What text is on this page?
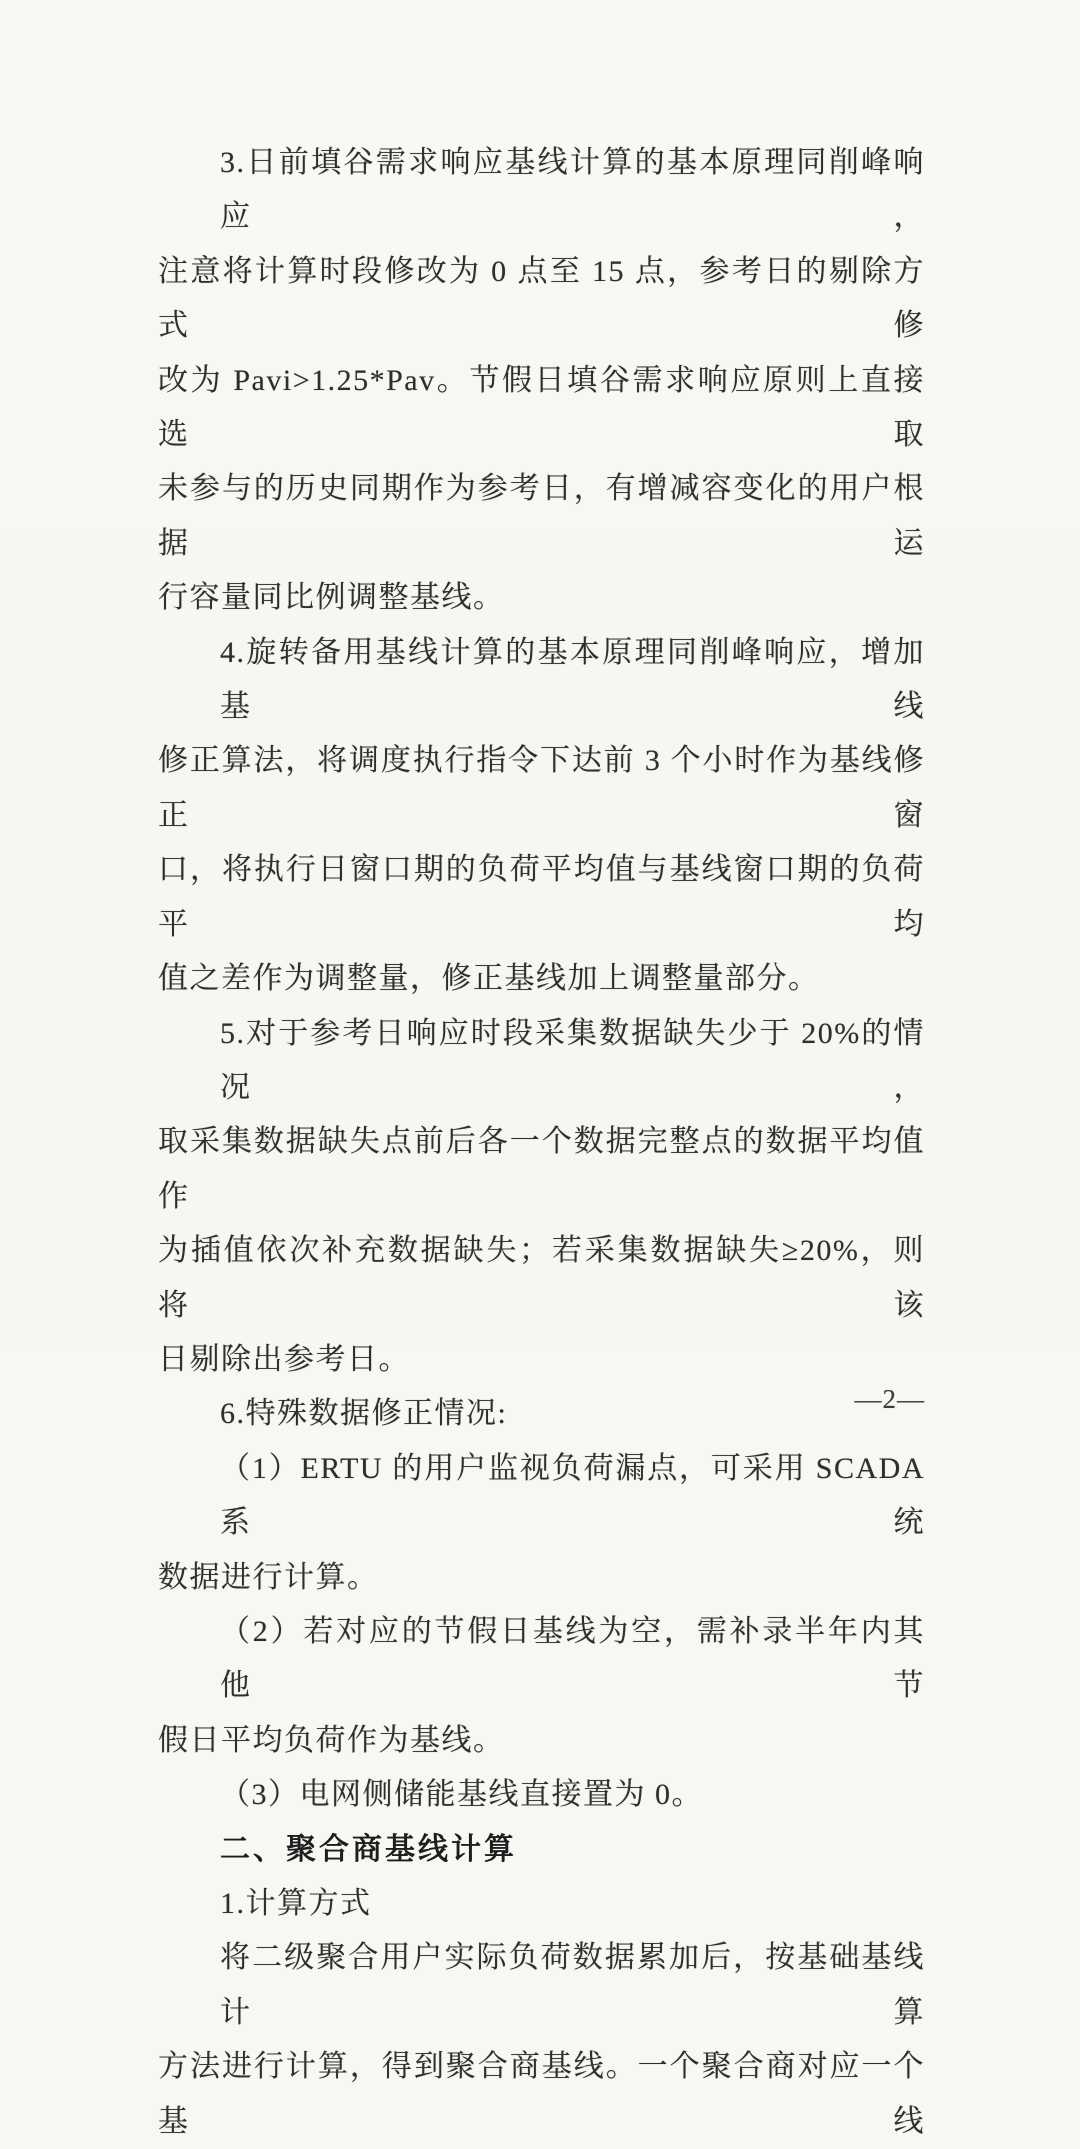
3.日前填谷需求响应基线计算的基本原理同削峰响应，
注意将计算时段修改为 0 点至 15 点，参考日的剔除方式修
改为 Pavi>1.25*Pav。节假日填谷需求响应原则上直接选取
未参与的历史同期作为参考日，有增减容变化的用户根据运
行容量同比例调整基线。
4.旋转备用基线计算的基本原理同削峰响应，增加基线
修正算法，将调度执行指令下达前 3 个小时作为基线修正窗
口，将执行日窗口期的负荷平均值与基线窗口期的负荷平均
值之差作为调整量，修正基线加上调整量部分。
5.对于参考日响应时段采集数据缺失少于 20%的情况，
取采集数据缺失点前后各一个数据完整点的数据平均值作
为插值依次补充数据缺失；若采集数据缺失≥20%，则将该
日剔除出参考日。
6.特殊数据修正情况:
（1）ERTU 的用户监视负荷漏点，可采用 SCADA 系统
数据进行计算。
（2）若对应的节假日基线为空，需补录半年内其他节
假日平均负荷作为基线。
（3）电网侧储能基线直接置为 0。
二、聚合商基线计算
1.计算方式
将二级聚合用户实际负荷数据累加后，按基础基线计算
方法进行计算，得到聚合商基线。一个聚合商对应一个基线
—2—
